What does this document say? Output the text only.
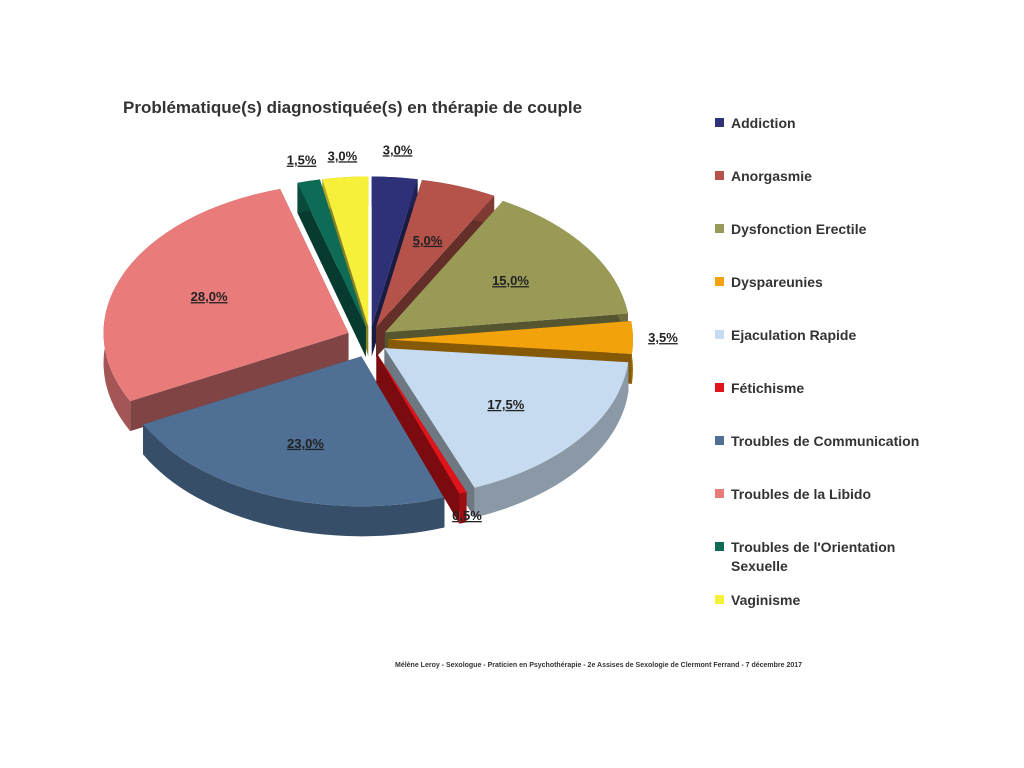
Problématique(s) diagnostiquée(s) en thérapie de couple
3,0%
5,0%
15,0%
3,5%
17,5%
0,5%
23,0%
28,0%
1,5% 3,0%
Addiction
Anorgasmie
Dysfonction Erectile
Dyspareunies
Ejaculation Rapide
Fétichisme
Troubles de Communication
Troubles de la Libido
Troubles de l'Orientation Sexuelle
Vaginisme
Mélène Leroy - Sexologue - Praticien en Psychothérapie - 2e Assises de Sexologie de Clermont Ferrand - 7 décembre 2017
